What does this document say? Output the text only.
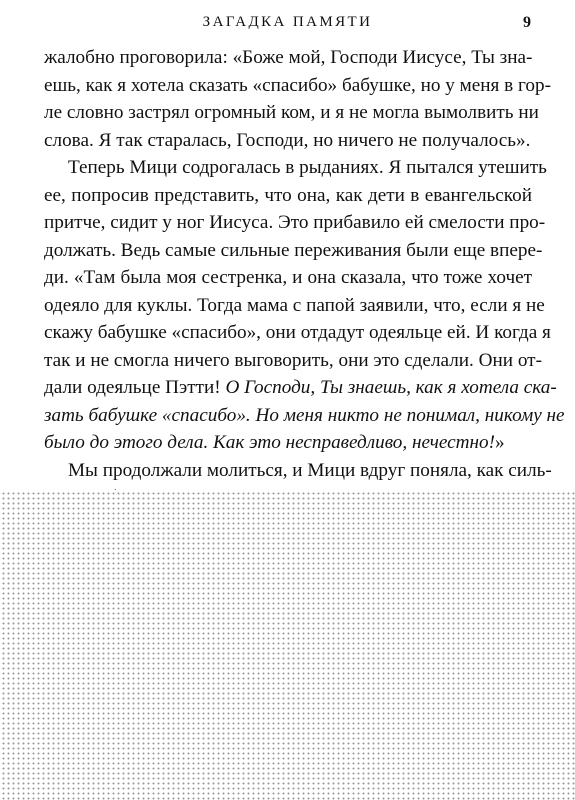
ЗАГАДКА ПАМЯТИ	9
жалобно проговорила: «Боже мой, Господи Иисусе, Ты зна-
ешь, как я хотела сказать «спасибо» бабушке, но у меня в гор-
ле словно застрял огромный ком, и я не могла вымолвить ни
слова. Я так старалась, Господи, но ничего не получалось».
Теперь Мици содрогалась в рыданиях. Я пытался утешить
ее, попросив представить, что она, как дети в евангельской
притче, сидит у ног Иисуса. Это прибавило ей смелости про-
должать. Ведь самые сильные переживания были еще впере-
ди. «Там была моя сестренка, и она сказала, что тоже хочет
одеяло для куклы. Тогда мама с папой заявили, что, если я не
скажу бабушке «спасибо», они отдадут одеяльце ей. И когда я
так и не смогла ничего выговорить, они это сделали. Они от-
дали одеяльце Пэтти! О Господи, Ты знаешь, как я хотела ска-
зать бабушке «спасибо». Но меня никто не понимал, никому не
было до этого дела. Как это несправедливо, нечестно!»
Мы продолжали молиться, и Мици вдруг поняла, как силь-
